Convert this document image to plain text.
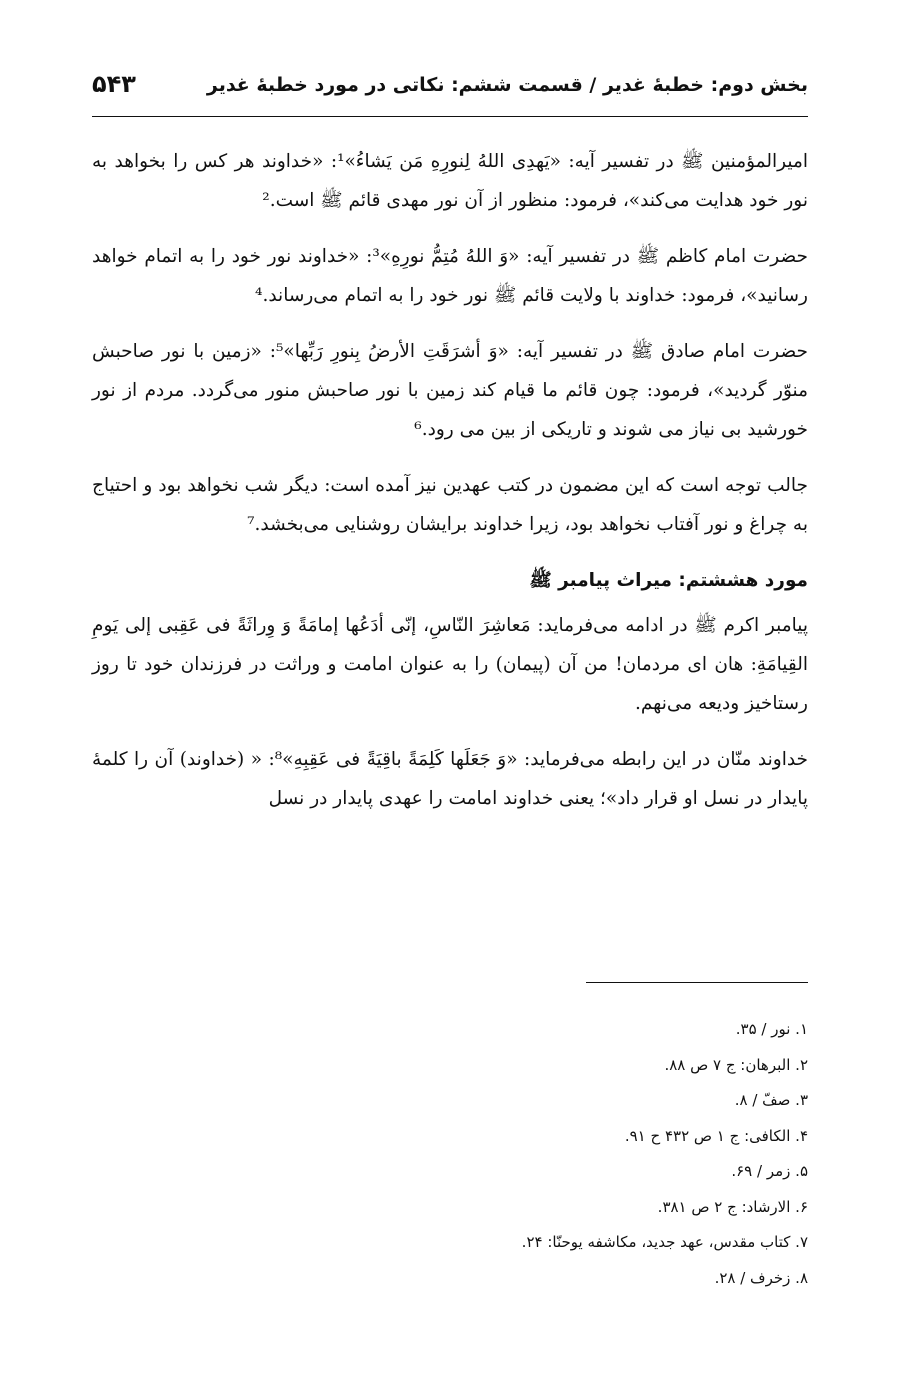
بخش دوم: خطبهٔ غدیر / قسمت ششم: نکاتی در مورد خطبهٔ غدیر
۵۴۳

امیرالمؤمنین ﷺ در تفسیر آیه: «یَهدِی اللهُ لِنورِهِ مَن یَشاءُ»¹: «خداوند هر کس را بخواهد به نور خود هدایت می‌کند»، فرمود: منظور از آن نور مهدی قائم ﷺ است.²

حضرت امام کاظم ﷺ در تفسیر آیه: «وَ اللهُ مُتِمُّ نورِهِ»³: «خداوند نور خود را به اتمام خواهد رسانید»، فرمود: خداوند با ولایت قائم ﷺ نور خود را به اتمام می‌رساند.⁴

حضرت امام صادق ﷺ در تفسیر آیه: «وَ أشرَقَتِ الأرضُ بِنورِ رَبِّها»⁵: «زمین با نور صاحبش منوّر گردید»، فرمود: چون قائم ما قیام کند زمین با نور صاحبش منور می‌گردد. مردم از نور خورشید بی نیاز می شوند و تاریکی از بین می رود.⁶

جالب توجه است که این مضمون در کتب عهدین نیز آمده است: دیگر شب نخواهد بود و احتیاج به چراغ و نور آفتاب نخواهد بود، زیرا خداوند برایشان روشنایی می‌بخشد.⁷

مورد هششتم: میراث پیامبر ﷺ

پیامبر اکرم ﷺ در ادامه می‌فرماید: مَعاشِرَ النّاسِ، إنّی أدَعُها إمامَةً وَ وِراثَةً فی عَقِبی إلی یَومِ القِیامَةِ: هان ای مردمان! من آن (پیمان) را به عنوان امامت و وراثت در فرزندان خود تا روز رستاخیز ودیعه می‌نهم.

خداوند منّان در این رابطه می‌فرماید: «وَ جَعَلَها کَلِمَةً باقِیَةً فی عَقِبِهِ»⁸: « (خداوند) آن را کلمهٔ پایدار در نسل او قرار داد»؛ یعنی خداوند امامت را عهدی پایدار در نسل

۱. نور / ۳۵.
۲. البرهان: ج ۷ ص ۸۸.
۳. صفّ / ۸.
۴. الکافی: ج ۱ ص ۴۳۲ ح ۹۱.
۵. زمر / ۶۹.
۶. الارشاد: ج ۲ ص ۳۸۱.
۷. کتاب مقدس، عهد جدید، مکاشفه یوحنّا: ۲۴.
۸. زخرف / ۲۸.
